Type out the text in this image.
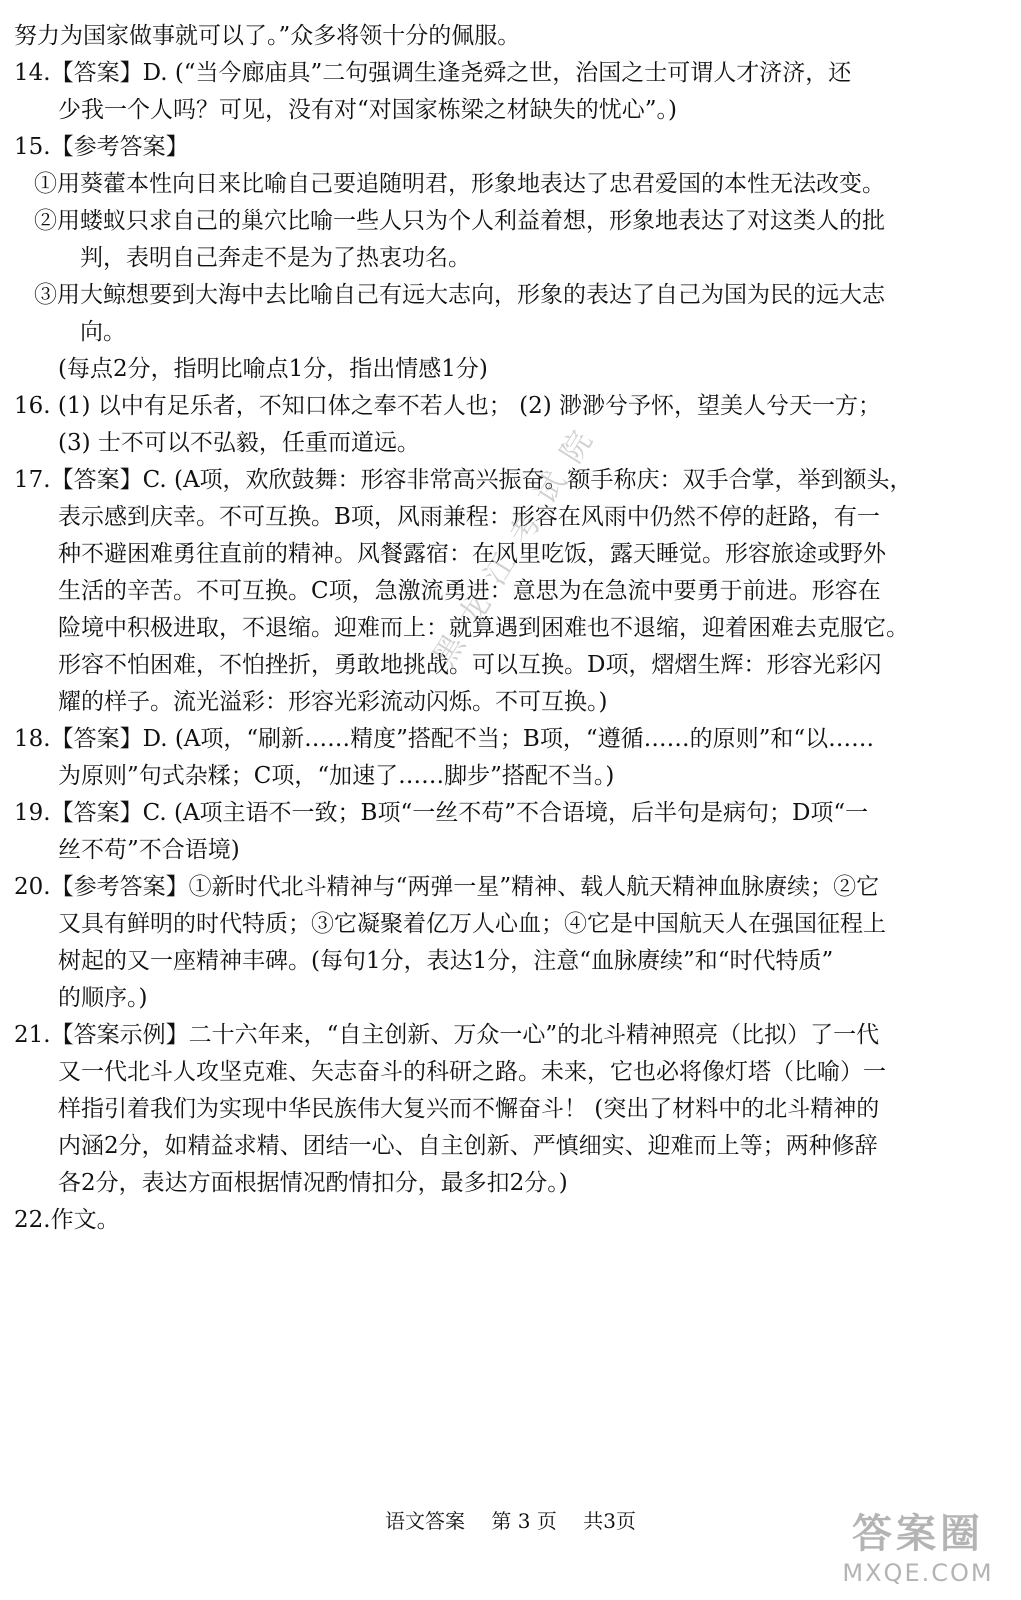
努力为国家做事就可以了。”众多将领十分的佩服。
14.【答案】D. (“当今廊庙具”二句强调生逢尧舜之世，治国之士可谓人才济济，还
少我一个人吗？可见，没有对“对国家栋梁之材缺失的忧心”。)
15.【参考答案】
①用葵藿本性向日来比喻自己要追随明君，形象地表达了忠君爱国的本性无法改变。
②用蝼蚁只求自己的巢穴比喻一些人只为个人利益着想，形象地表达了对这类人的批
判，表明自己奔走不是为了热衷功名。
③用大鲸想要到大海中去比喻自己有远大志向，形象的表达了自己为国为民的远大志
向。
(每点2分，指明比喻点1分，指出情感1分)
16. (1) 以中有足乐者，不知口体之奉不若人也； (2) 渺渺兮予怀，望美人兮天一方；
(3) 士不可以不弘毅，任重而道远。
17.【答案】C. (A项，欢欣鼓舞：形容非常高兴振奋。额手称庆：双手合掌，举到额头，
表示感到庆幸。不可互换。B项，风雨兼程：形容在风雨中仍然不停的赶路，有一
种不避困难勇往直前的精神。风餐露宿：在风里吃饭，露天睡觉。形容旅途或野外
生活的辛苦。不可互换。C项，急激流勇进：意思为在急流中要勇于前进。形容在
险境中积极进取，不退缩。迎难而上：就算遇到困难也不退缩，迎着困难去克服它。
形容不怕困难，不怕挫折，勇敢地挑战。可以互换。D项，熠熠生辉：形容光彩闪
耀的样子。流光溢彩：形容光彩流动闪烁。不可互换。)
18.【答案】D. (A项，“刷新……精度”搭配不当；B项，“遵循……的原则”和“以……
为原则”句式杂糅；C项，“加速了……脚步”搭配不当。)
19.【答案】C. (A项主语不一致；B项“一丝不苟”不合语境，后半句是病句；D项“一
丝不苟”不合语境)
20.【参考答案】①新时代北斗精神与“两弹一星”精神、载人航天精神血脉赓续；②它
又具有鲜明的时代特质；③它凝聚着亿万人心血；④它是中国航天人在强国征程上
树起的又一座精神丰碑。(每句1分，表达1分，注意“血脉赓续”和“时代特质”
的顺序。)
21.【答案示例】二十六年来，“自主创新、万众一心”的北斗精神照亮（比拟）了一代
又一代北斗人攻坚克难、矢志奋斗的科研之路。未来，它也必将像灯塔（比喻）一
样指引着我们为实现中华民族伟大复兴而不懈奋斗！ (突出了材料中的北斗精神的
内涵2分，如精益求精、团结一心、自主创新、严慎细实、迎难而上等；两种修辞
各2分，表达方面根据情况酌情扣分，最多扣2分。)
22.作文。
黑龙江考试院
语文答案 第 3 页 共3页	答案圈
MXQE.COM
